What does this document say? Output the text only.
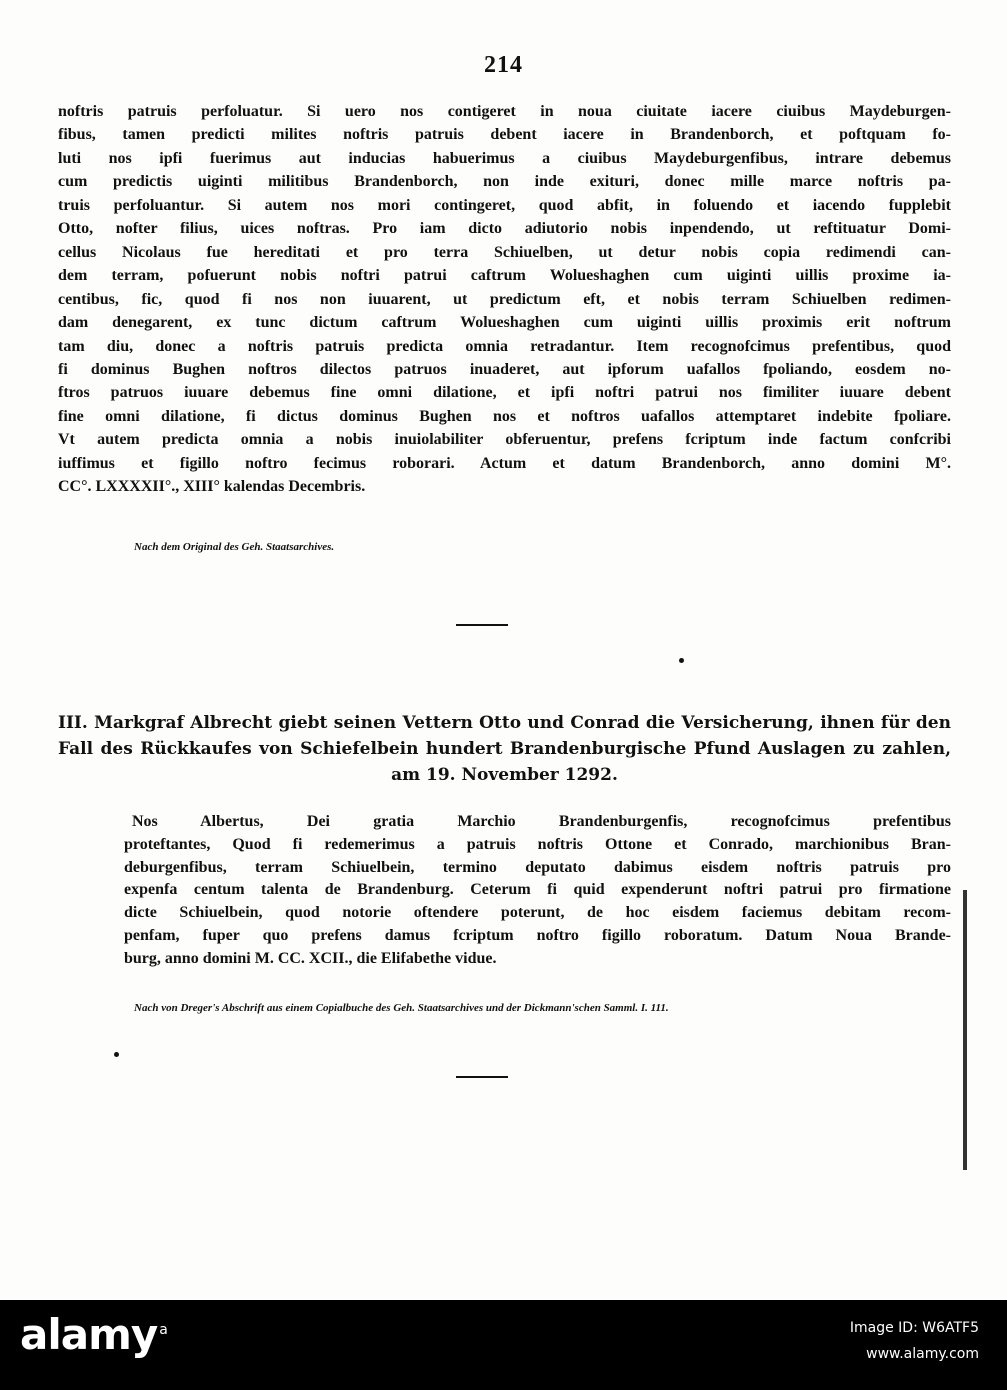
214
noftris patruis perfoluatur. Si uero nos contigeret in noua ciuitate iacere ciuibus Maydeburgen-
fibus, tamen predicti milites noftris patruis debent iacere in Brandenborch, et poftquam fo-
luti nos ipfi fuerimus aut inducias habuerimus a ciuibus Maydeburgenfibus, intrare debemus
cum predictis uiginti militibus Brandenborch, non inde exituri, donec mille marce noftris pa-
truis perfoluantur. Si autem nos mori contingeret, quod abfit, in foluendo et iacendo fupplebit
Otto, nofter filius, uices noftras. Pro iam dicto adiutorio nobis inpendendo, ut reftituatur Domi-
cellus Nicolaus fue hereditati et pro terra Schiuelben, ut detur nobis copia redimendi can-
dem terram, pofuerunt nobis noftri patrui caftrum Wolueshaghen cum uiginti uillis proxime ia-
centibus, fic, quod fi nos non iuuarent, ut predictum eft, et nobis terram Schiuelben redimen-
dam denegarent, ex tunc dictum caftrum Wolueshaghen cum uiginti uillis proximis erit noftrum
tam diu, donec a noftris patruis predicta omnia retradantur. Item recognofcimus prefentibus, quod
fi dominus Bughen noftros dilectos patruos inuaderet, aut ipforum uafallos fpoliando, eosdem no-
ftros patruos iuuare debemus fine omni dilatione, et ipfi noftri patrui nos fimiliter iuuare debent
fine omni dilatione, fi dictus dominus Bughen nos et noftros uafallos attemptaret indebite fpoliare.
Vt autem predicta omnia a nobis inuiolabiliter obferuentur, prefens fcriptum inde factum confcribi
iuffimus et figillo noftro fecimus roborari. Actum et datum Brandenborch, anno domini M°.
CC°. LXXXXII°., XIII° kalendas Decembris.
Nach dem Original des Geh. Staatsarchives.
III. Markgraf Albrecht giebt seinen Vettern Otto und Conrad die Versicherung, ihnen für den
Fall des Rückkaufes von Schiefelbein hundert Brandenburgische Pfund Auslagen zu zahlen,
am 19. November 1292.
Nos Albertus, Dei gratia Marchio Brandenburgenfis, recognofcimus prefentibus
proteftantes, Quod fi redemerimus a patruis noftris Ottone et Conrado, marchionibus Bran-
deburgenfibus, terram Schiuelbein, termino deputato dabimus eisdem noftris patruis pro
expenfa centum talenta de Brandenburg. Ceterum fi quid expenderunt noftri patrui pro firmatione
dicte Schiuelbein, quod notorie oftendere poterunt, de hoc eisdem faciemus debitam recom-
penfam, fuper quo prefens damus fcriptum noftro figillo roboratum. Datum Noua Brande-
burg, anno domini M. CC. XCII., die Elifabethe vidue.
Nach von Dreger's Abschrift aus einem Copialbuche des Geh. Staatsarchives und der Dickmann'schen Samml. I. 111.
alamy $^a$	Image ID: W6ATF5
www.alamy.com
